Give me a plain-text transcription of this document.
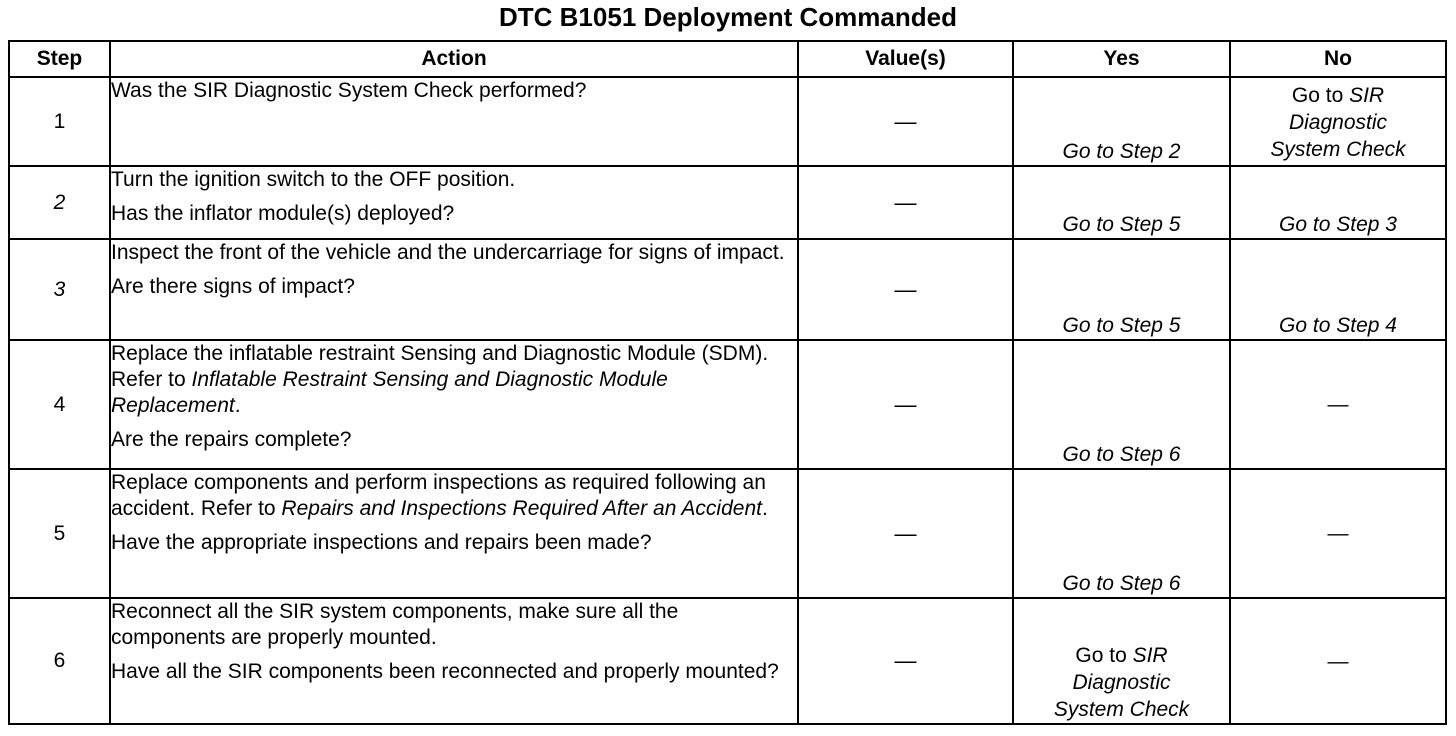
DTC B1051 Deployment Commanded
Step	Action	Value(s)	Yes	No
1	Was the SIR Diagnostic System Check performed?	—	Go to Step 2	Go to SIR
Diagnostic
System Check

2	Turn the ignition switch to the OFF position.
Has the inflator module(s) deployed?	—	Go to Step 5	Go to Step 3
3	Inspect the front of the vehicle and the undercarriage for signs of impact.
Are there signs of impact?	—	Go to Step 5	Go to Step 4
4	Replace the inflatable restraint Sensing and Diagnostic Module (SDM). Refer to Inflatable Restraint Sensing and Diagnostic Module Replacement.
Are the repairs complete?	—	Go to Step 6	—
5	Replace components and perform inspections as required following an accident. Refer to Repairs and Inspections Required After an Accident.
Have the appropriate inspections and repairs been made?	—	Go to Step 6	—
6	Reconnect all the SIR system components, make sure all the components are properly mounted.
Have all the SIR components been reconnected and properly mounted?	—	Go to SIR
Diagnostic
System Check	—
